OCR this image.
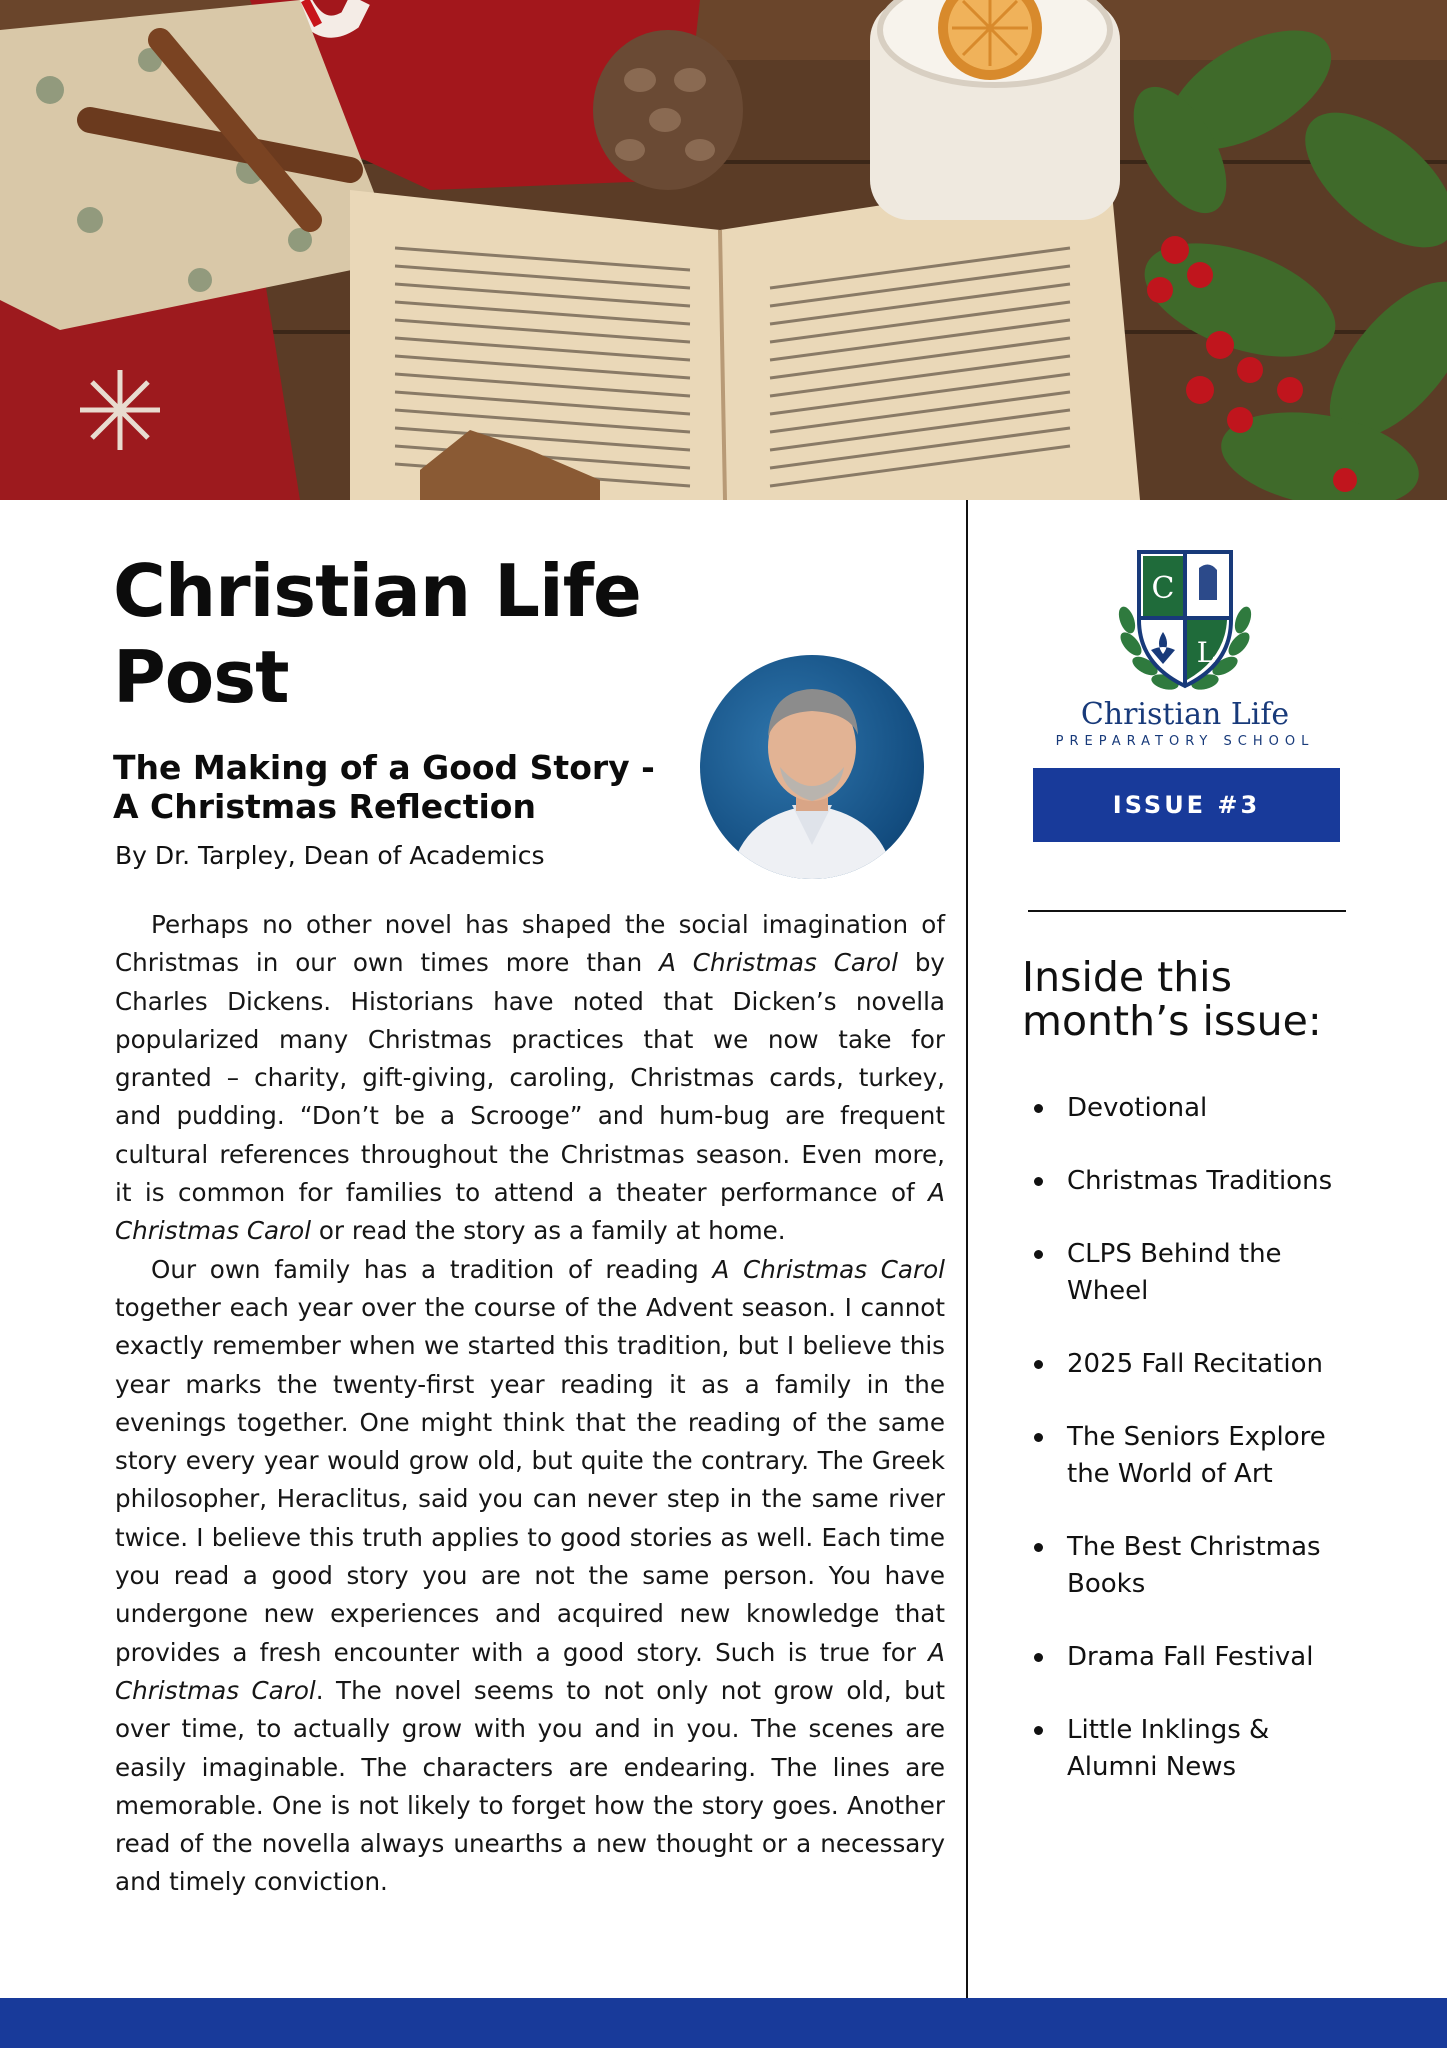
Christian Life Post
The Making of a Good Story - A Christmas Reflection
By Dr. Tarpley, Dean of Academics

Perhaps no other novel has shaped the social imagination of Christmas in our own times more than A Christmas Carol by Charles Dickens. Historians have noted that Dicken’s novella popularized many Christmas practices that we now take for granted – charity, gift-giving, caroling, Christmas cards, turkey, and pudding. “Don’t be a Scrooge” and hum-bug are frequent cultural references throughout the Christmas season. Even more, it is common for families to attend a theater performance of A Christmas Carol or read the story as a family at home.

Our own family has a tradition of reading A Christmas Carol together each year over the course of the Advent season. I cannot exactly remember when we started this tradition, but I believe this year marks the twenty-first year reading it as a family in the evenings together. One might think that the reading of the same story every year would grow old, but quite the contrary. The Greek philosopher, Heraclitus, said you can never step in the same river twice. I believe this truth applies to good stories as well. Each time you read a good story you are not the same person. You have undergone new experiences and acquired new knowledge that provides a fresh encounter with a good story. Such is true for A Christmas Carol. The novel seems to not only not grow old, but over time, to actually grow with you and in you. The scenes are easily imaginable. The characters are endearing. The lines are memorable. One is not likely to forget how the story goes. Another read of the novella always unearths a new thought or a necessary and timely conviction.

C
L
Christian Life
PREPARATORY SCHOOL
ISSUE #3
Inside this month’s issue:
Devotional
Christmas Traditions
CLPS Behind the Wheel
2025 Fall Recitation
The Seniors Explore the World of Art
The Best Christmas Books
Drama Fall Festival
Little Inklings & Alumni News
